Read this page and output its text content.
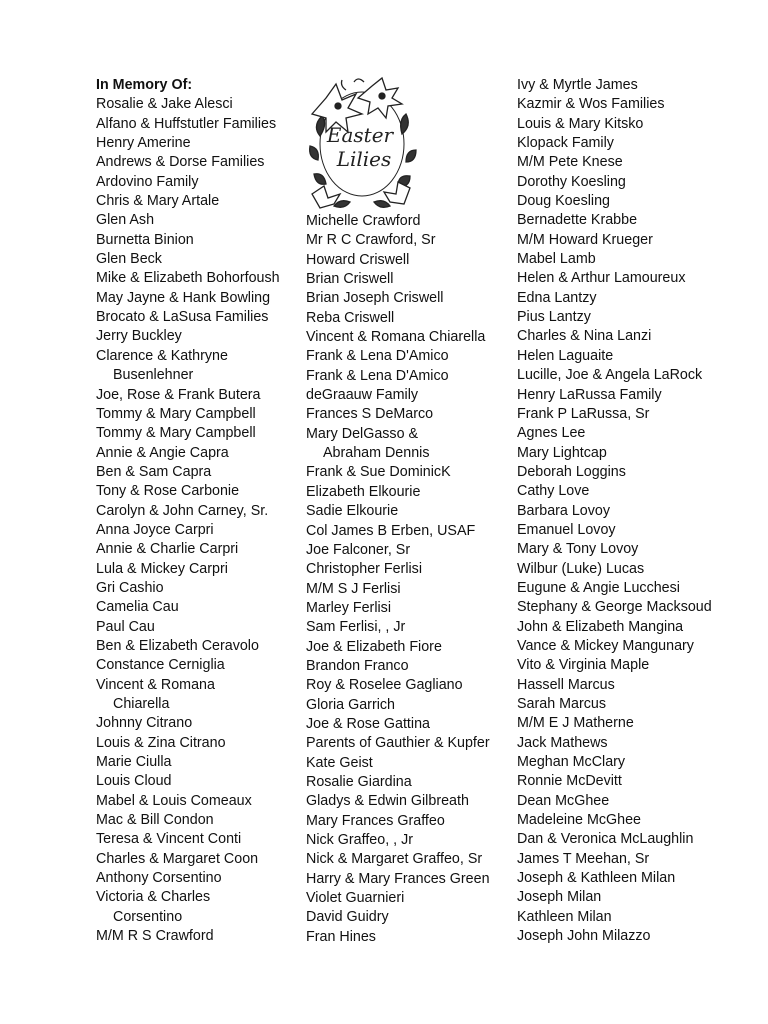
In Memory Of:
Rosalie & Jake Alesci
Alfano & Huffstutler Families
Henry Amerine
Andrews & Dorse Families
Ardovino Family
Chris & Mary Artale
Glen Ash
Burnetta Binion
Glen Beck
Mike & Elizabeth Bohorfoush
May Jayne & Hank Bowling
Brocato & LaSusa Families
Jerry Buckley
Clarence & Kathryne
Busenlehner
Joe, Rose & Frank Butera
Tommy & Mary Campbell
Tommy & Mary Campbell
Annie & Angie Capra
Ben & Sam Capra
Tony & Rose Carbonie
Carolyn & John Carney, Sr.
Anna Joyce Carpri
Annie & Charlie Carpri
Lula & Mickey Carpri
Gri Cashio
Camelia Cau
Paul Cau
Ben & Elizabeth Ceravolo
Constance Cerniglia
Vincent & Romana
Chiarella
Johnny Citrano
Louis & Zina Citrano
Marie Ciulla
Louis Cloud
Mabel & Louis Comeaux
Mac & Bill Condon
Teresa & Vincent Conti
Charles & Margaret Coon
Anthony Corsentino
Victoria & Charles
Corsentino
M/M R S Crawford
Easter
Lilies
Michelle Crawford
Mr R C Crawford, Sr
Howard Criswell
Brian Criswell
Brian Joseph Criswell
Reba Criswell
Vincent & Romana Chiarella
Frank & Lena D'Amico
Frank & Lena D'Amico
deGraauw Family
Frances S DeMarco
Mary DelGasso &
Abraham Dennis
Frank & Sue DominicK
Elizabeth Elkourie
Sadie Elkourie
Col James B Erben, USAF
Joe Falconer, Sr
Christopher Ferlisi
M/M S J Ferlisi
Marley Ferlisi
Sam Ferlisi, , Jr
Joe & Elizabeth Fiore
Brandon Franco
Roy & Roselee Gagliano
Gloria Garrich
Joe & Rose Gattina
Parents of Gauthier & Kupfer
Kate Geist
Rosalie Giardina
Gladys & Edwin Gilbreath
Mary Frances Graffeo
Nick Graffeo, , Jr
Nick & Margaret Graffeo, Sr
Harry & Mary Frances Green
Violet Guarnieri
David Guidry
Fran Hines
Ivy & Myrtle James
Kazmir & Wos Families
Louis & Mary Kitsko
Klopack Family
M/M Pete Knese
Dorothy Koesling
Doug Koesling
Bernadette Krabbe
M/M Howard Krueger
Mabel Lamb
Helen & Arthur Lamoureux
Edna Lantzy
Pius Lantzy
Charles & Nina Lanzi
Helen Laguaite
Lucille, Joe & Angela LaRock
Henry LaRussa Family
Frank P LaRussa, Sr
Agnes Lee
Mary Lightcap
Deborah Loggins
Cathy Love
Barbara Lovoy
Emanuel Lovoy
Mary & Tony Lovoy
Wilbur (Luke) Lucas
Eugune & Angie Lucchesi
Stephany & George Macksoud
John & Elizabeth Mangina
Vance & Mickey Mangunary
Vito & Virginia Maple
Hassell Marcus
Sarah Marcus
M/M E J Matherne
Jack Mathews
Meghan McClary
Ronnie McDevitt
Dean McGhee
Madeleine McGhee
Dan & Veronica McLaughlin
James T Meehan, Sr
Joseph & Kathleen Milan
Joseph Milan
Kathleen Milan
Joseph John Milazzo
